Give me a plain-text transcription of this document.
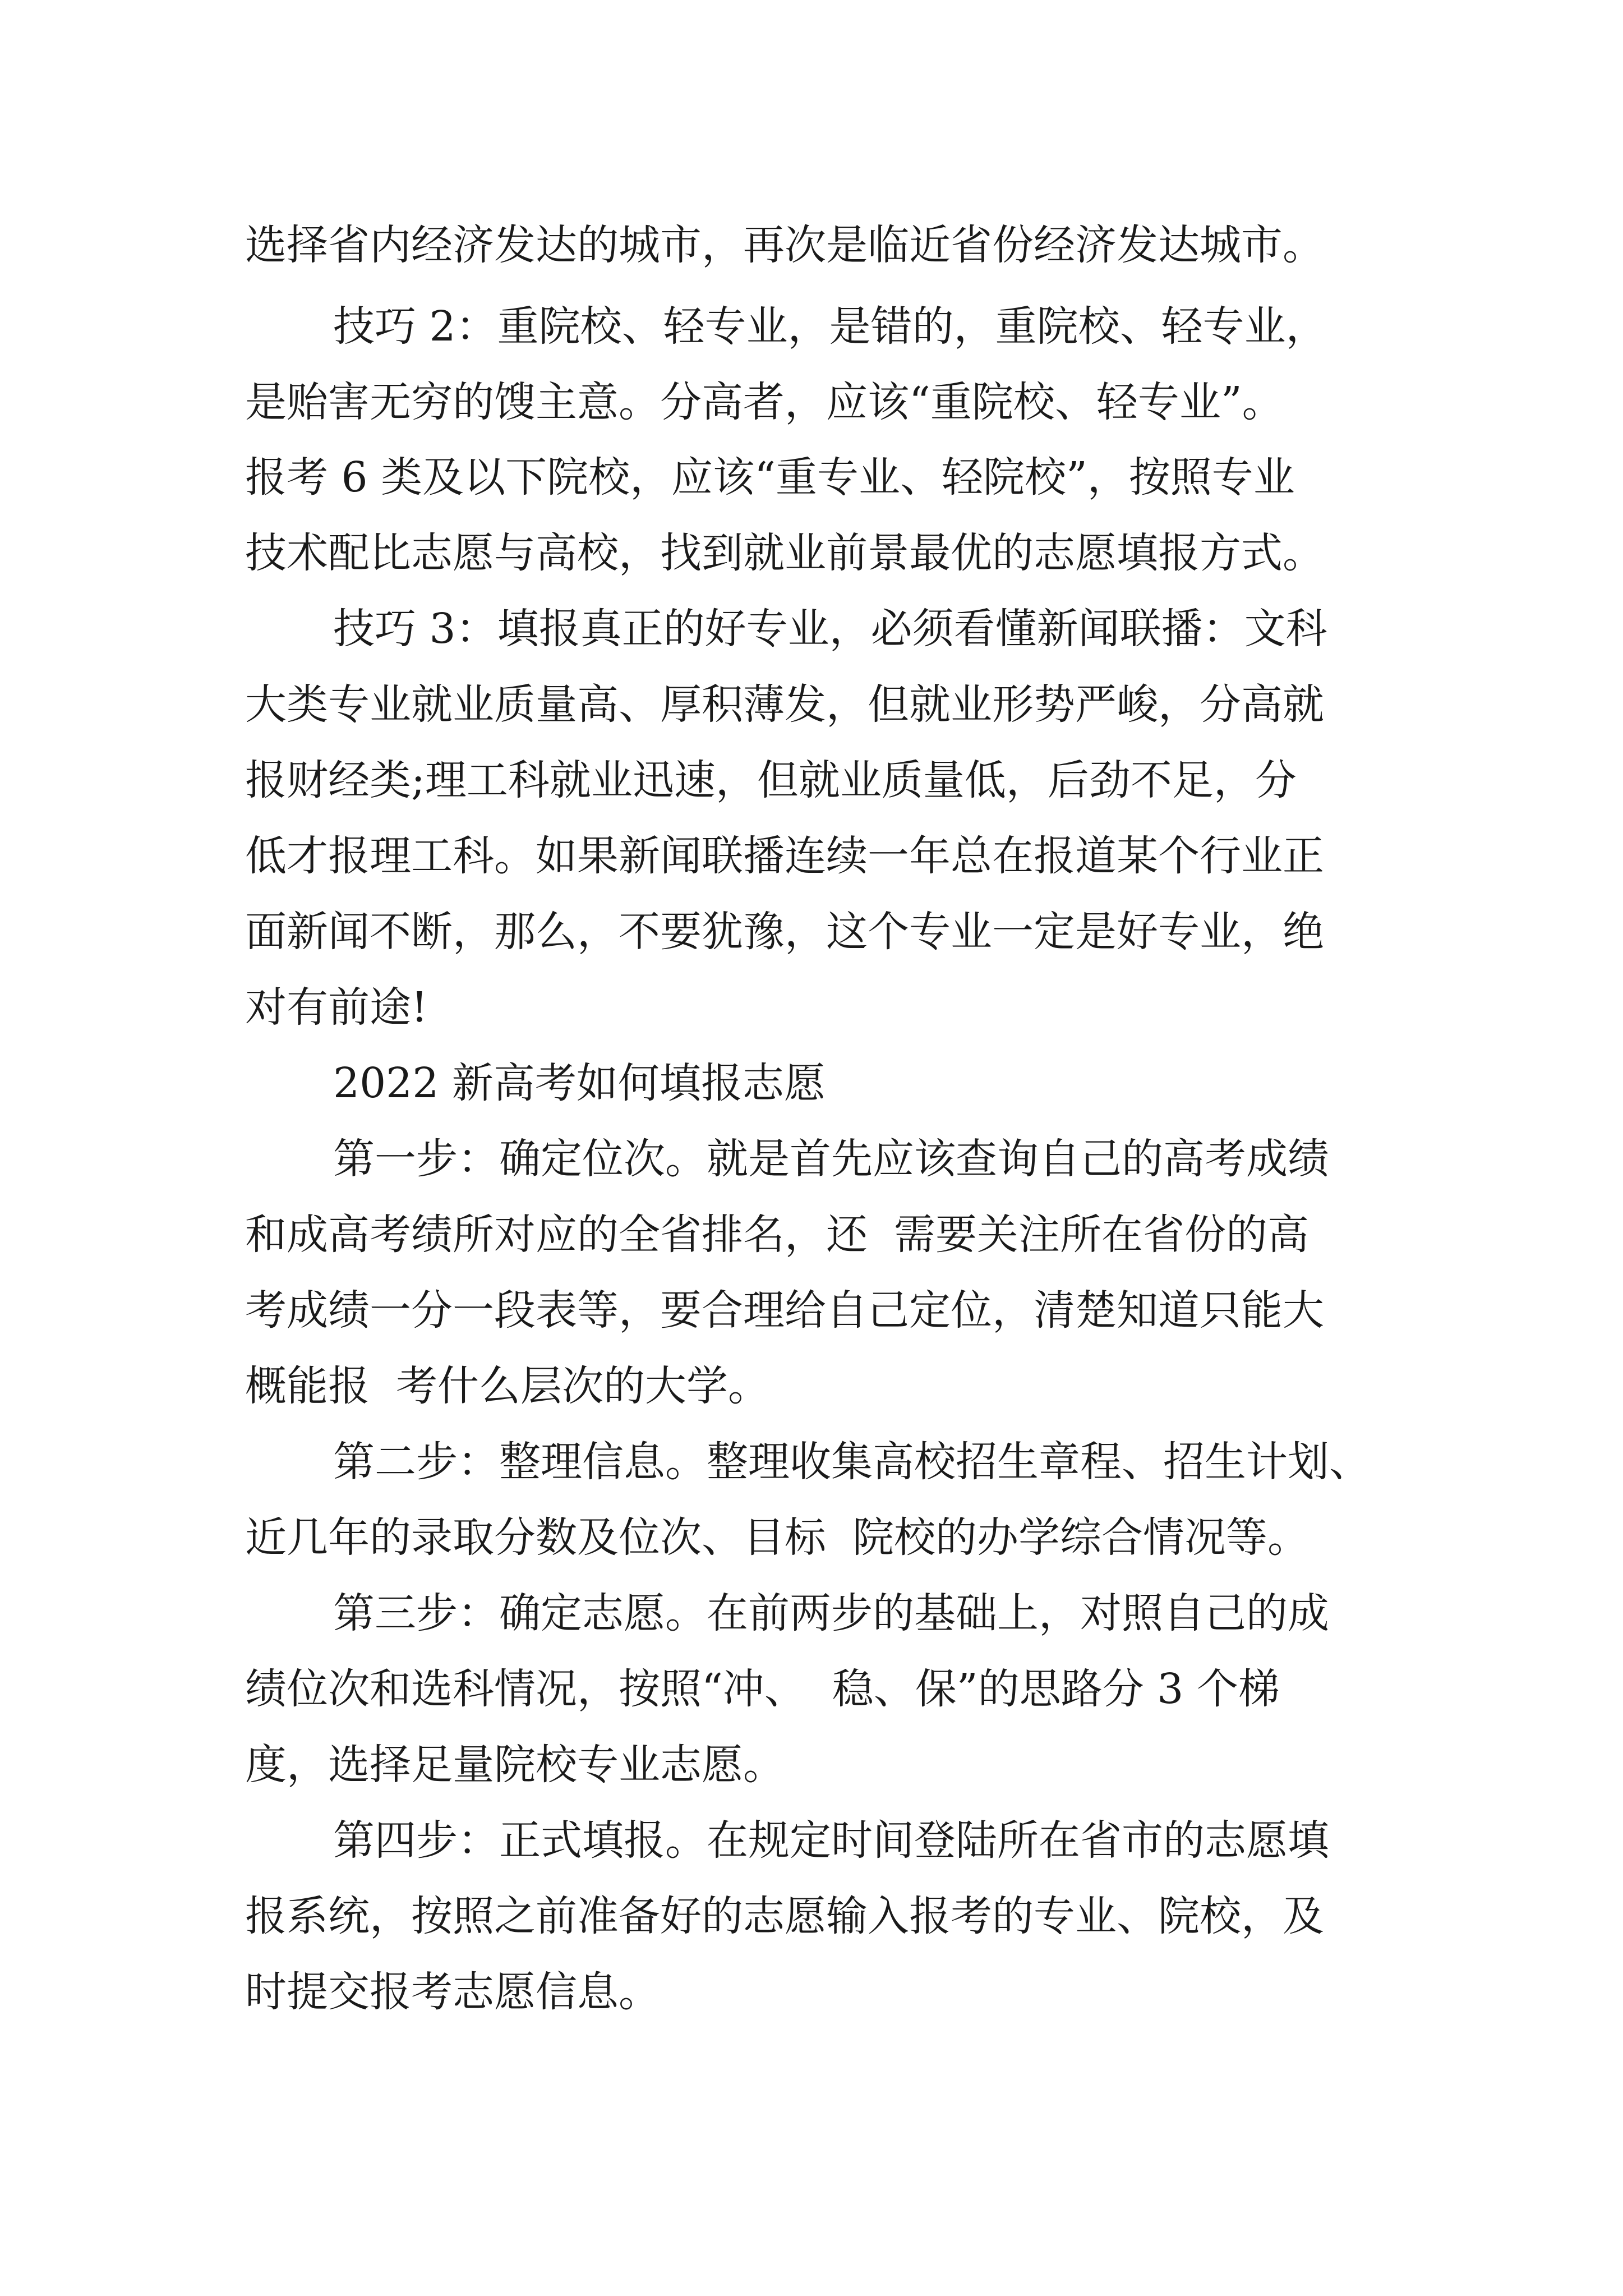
选择省内经济发达的城市，再次是临近省份经济发达城市。
技巧 2：重院校、轻专业，是错的，重院校、轻专业，
是贻害无穷的馊主意。分高者，应该“重院校、轻专业”。
报考 6 类及以下院校，应该“重专业、轻院校”，按照专业
技术配比志愿与高校，找到就业前景最优的志愿填报方式。
技巧 3：填报真正的好专业，必须看懂新闻联播：文科
大类专业就业质量高、厚积薄发，但就业形势严峻，分高就
报财经类;理工科就业迅速，但就业质量低，后劲不足，分
低才报理工科。如果新闻联播连续一年总在报道某个行业正
面新闻不断，那么，不要犹豫，这个专业一定是好专业，绝
对有前途!
2022 新高考如何填报志愿
第一步：确定位次。就是首先应该查询自己的高考成绩
和成高考绩所对应的全省排名，还  需要关注所在省份的高
考成绩一分一段表等，要合理给自己定位，清楚知道只能大
概能报  考什么层次的大学。
第二步：整理信息。整理收集高校招生章程、招生计划、
近几年的录取分数及位次、目标  院校的办学综合情况等。
第三步：确定志愿。在前两步的基础上，对照自己的成
绩位次和选科情况，按照“冲、  稳、保”的思路分 3 个梯
度，选择足量院校专业志愿。
第四步：正式填报。在规定时间登陆所在省市的志愿填
报系统，按照之前准备好的志愿输入报考的专业、院校，及
时提交报考志愿信息。
